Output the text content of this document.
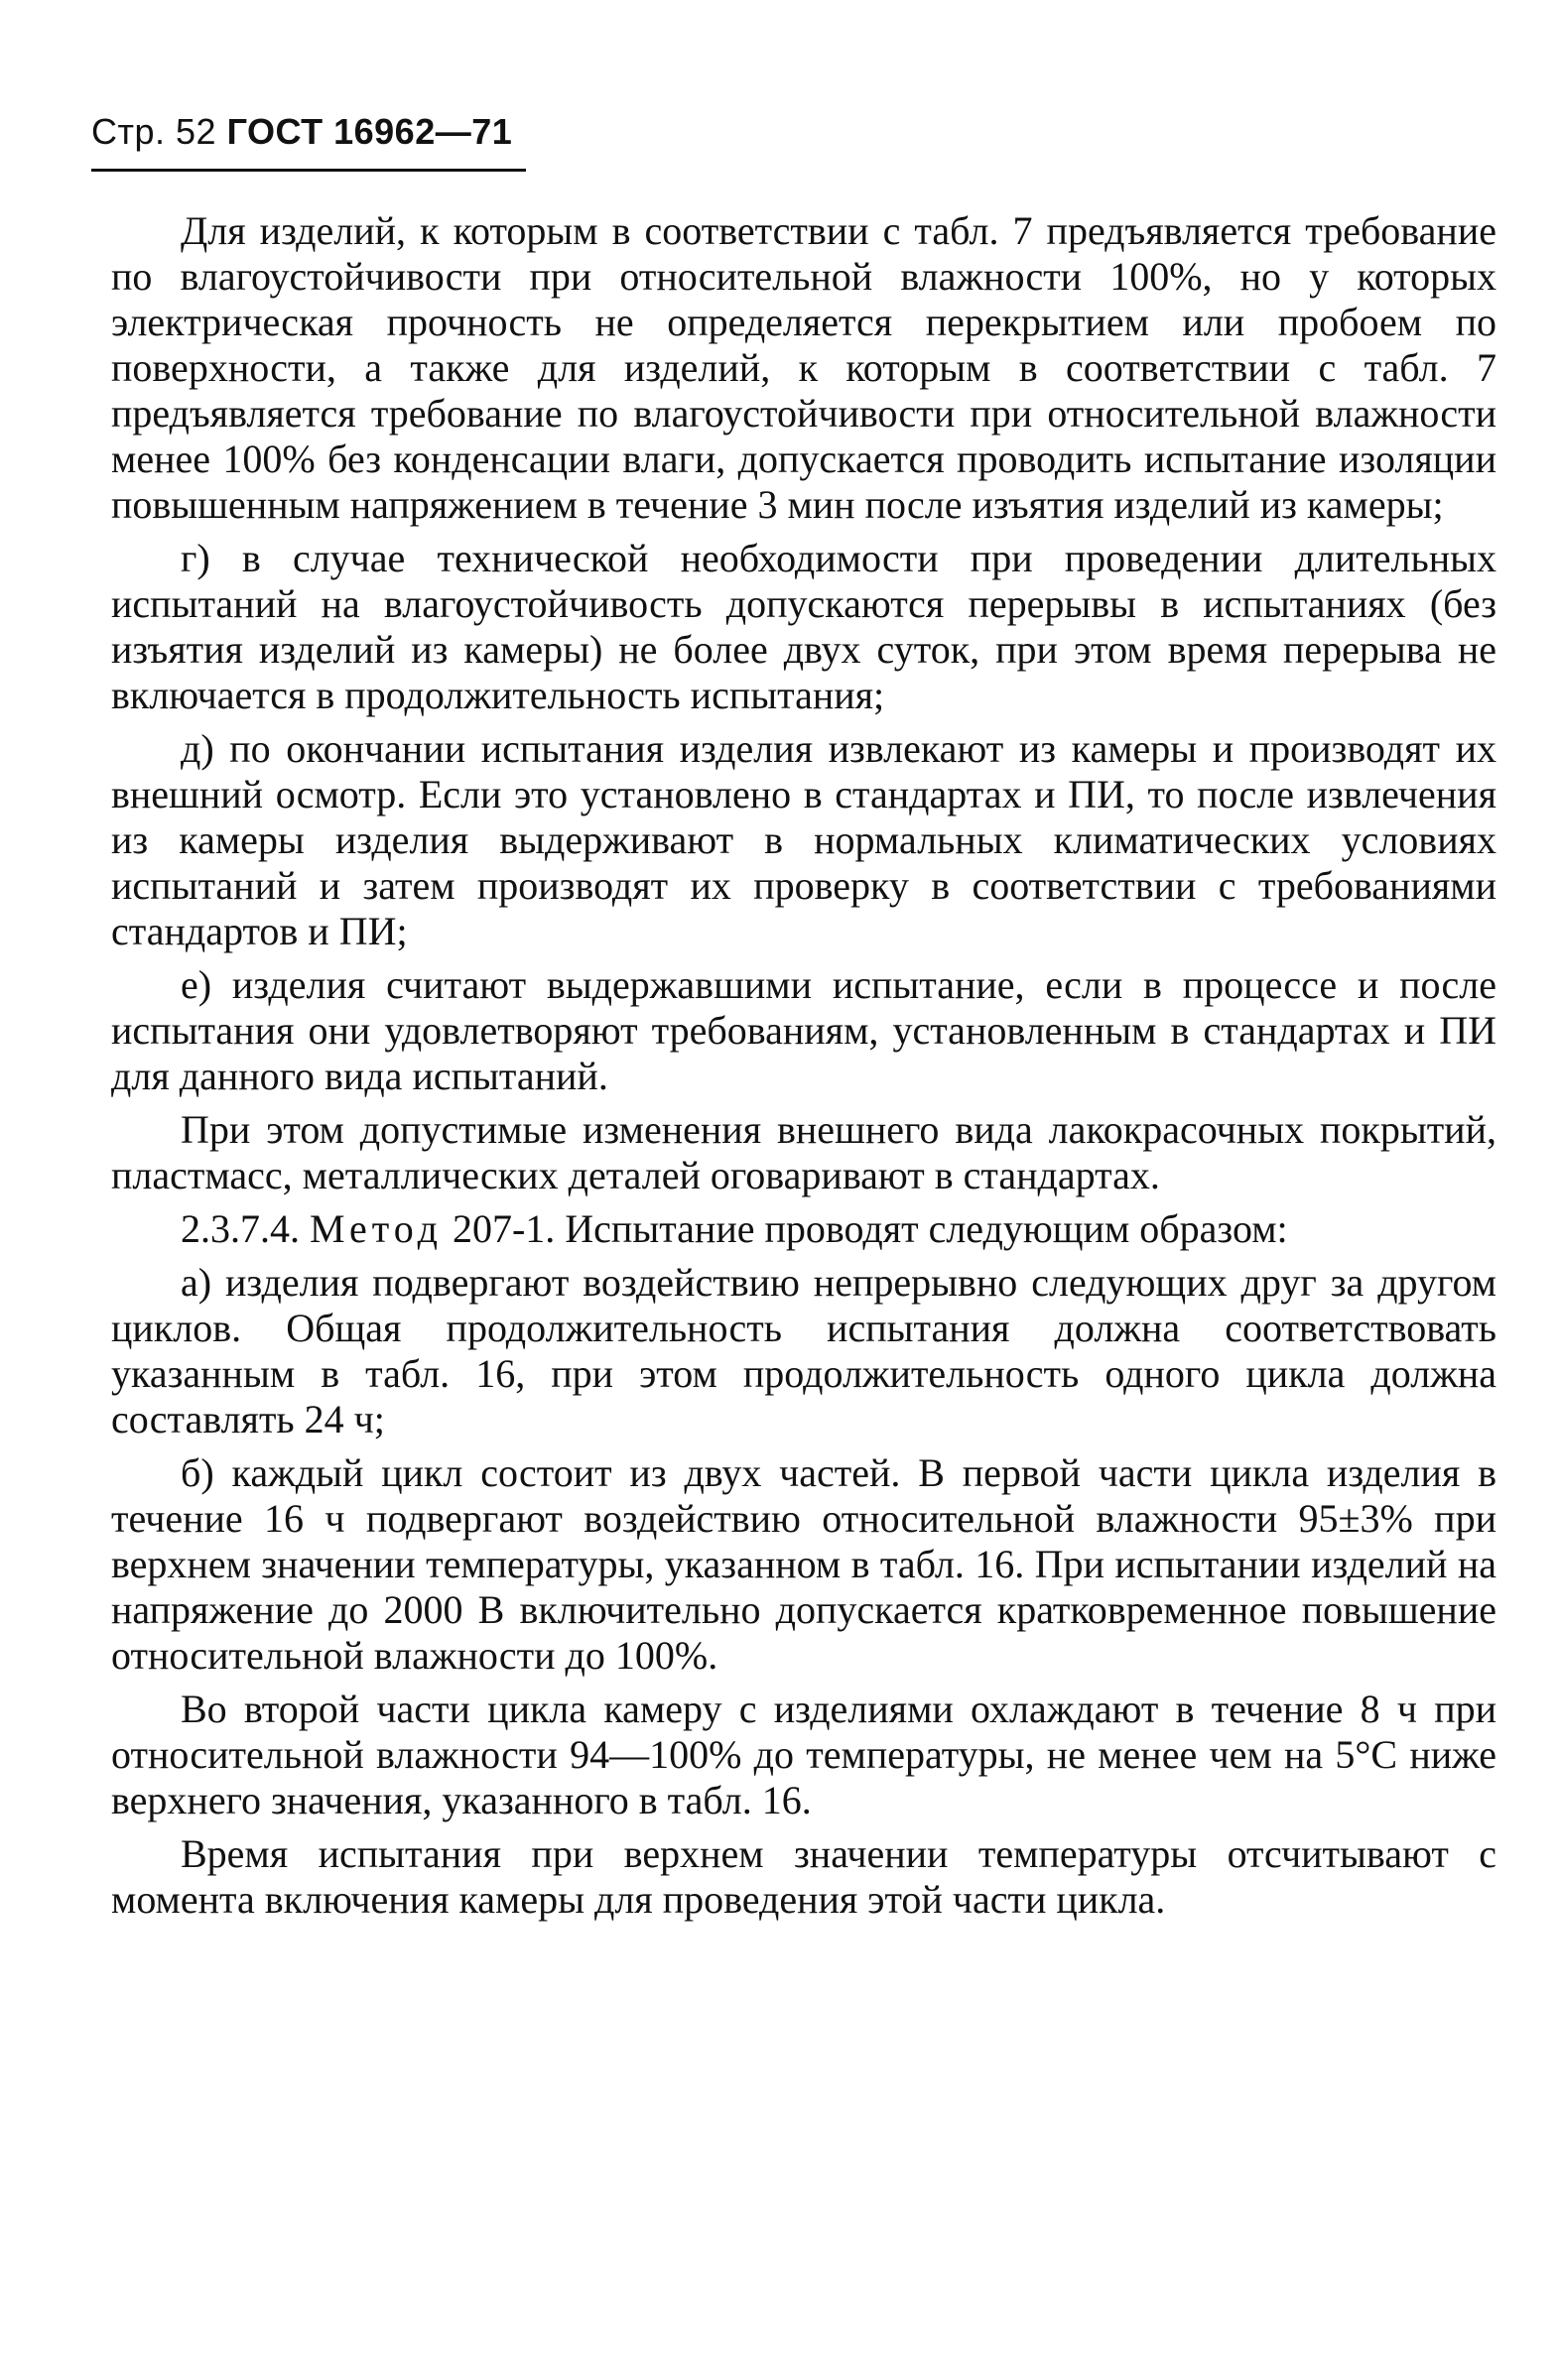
Стр. 52 ГОСТ 16962—71

Для изделий, к которым в соответствии с табл. 7 предъявляется требование по влагоустойчивости при относительной влажности 100%, но у которых электрическая прочность не определяется перекрытием или пробоем по поверхности, а также для изделий, к которым в соответствии с табл. 7 предъявляется требование по влагоустойчивости при относительной влажности менее 100% без конденсации влаги, допускается проводить испытание изоляции повышенным напряжением в течение 3 мин после изъятия изделий из камеры;

г) в случае технической необходимости при проведении длительных испытаний на влагоустойчивость допускаются перерывы в испытаниях (без изъятия изделий из камеры) не более двух суток, при этом время перерыва не включается в продолжительность испытания;

д) по окончании испытания изделия извлекают из камеры и производят их внешний осмотр. Если это установлено в стандартах и ПИ, то после извлечения из камеры изделия выдерживают в нормальных климатических условиях испытаний и затем производят их проверку в соответствии с требованиями стандартов и ПИ;

е) изделия считают выдержавшими испытание, если в процессе и после испытания они удовлетворяют требованиям, установленным в стандартах и ПИ для данного вида испытаний.

При этом допустимые изменения внешнего вида лакокрасочных покрытий, пластмасс, металлических деталей оговаривают в стандартах.

2.3.7.4. Метод 207-1. Испытание проводят следующим образом:

а) изделия подвергают воздействию непрерывно следующих друг за другом циклов. Общая продолжительность испытания должна соответствовать указанным в табл. 16, при этом продолжительность одного цикла должна составлять 24 ч;

б) каждый цикл состоит из двух частей. В первой части цикла изделия в течение 16 ч подвергают воздействию относительной влажности 95±3% при верхнем значении температуры, указанном в табл. 16. При испытании изделий на напряжение до 2000 В включительно допускается кратковременное повышение относительной влажности до 100%.

Во второй части цикла камеру с изделиями охлаждают в течение 8 ч при относительной влажности 94—100% до температуры, не менее чем на 5°С ниже верхнего значения, указанного в табл. 16.

Время испытания при верхнем значении температуры отсчитывают с момента включения камеры для проведения этой части цикла.
